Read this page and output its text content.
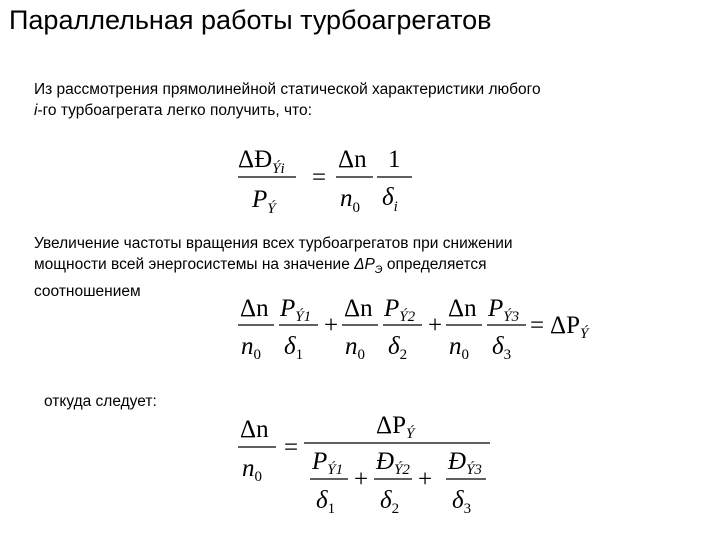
Параллельная работы турбоагрегатов

Из рассмотрения прямолинейной статической характеристики любого
i-го турбоагрегата легко получить, что:

$\Delta Đ_{Ýi}$
$P_Ý$
=
Δn
$n_0$
1
$\delta_i$

Увеличение частоты вращения всех турбоагрегатов при снижении
мощности всей энергосистемы на значение $\Delta P_Э$ определяется
соотношением

Δn
$n_0$
$P_{Ý1}$
$\delta_1$
+
Δn
$n_0$
$P_{Ý2}$
$\delta_2$
+
Δn
$n_0$
$P_{Ý3}$
$\delta_3$
= $\Delta P_Ý$

откуда следует:

Δn
$n_0$
=
$\Delta P_Ý$
$P_{Ý1}$
$\delta_1$
+
$Đ_{Ý2}$
$\delta_2$
+
$Đ_{Ý3}$
$\delta_3$
